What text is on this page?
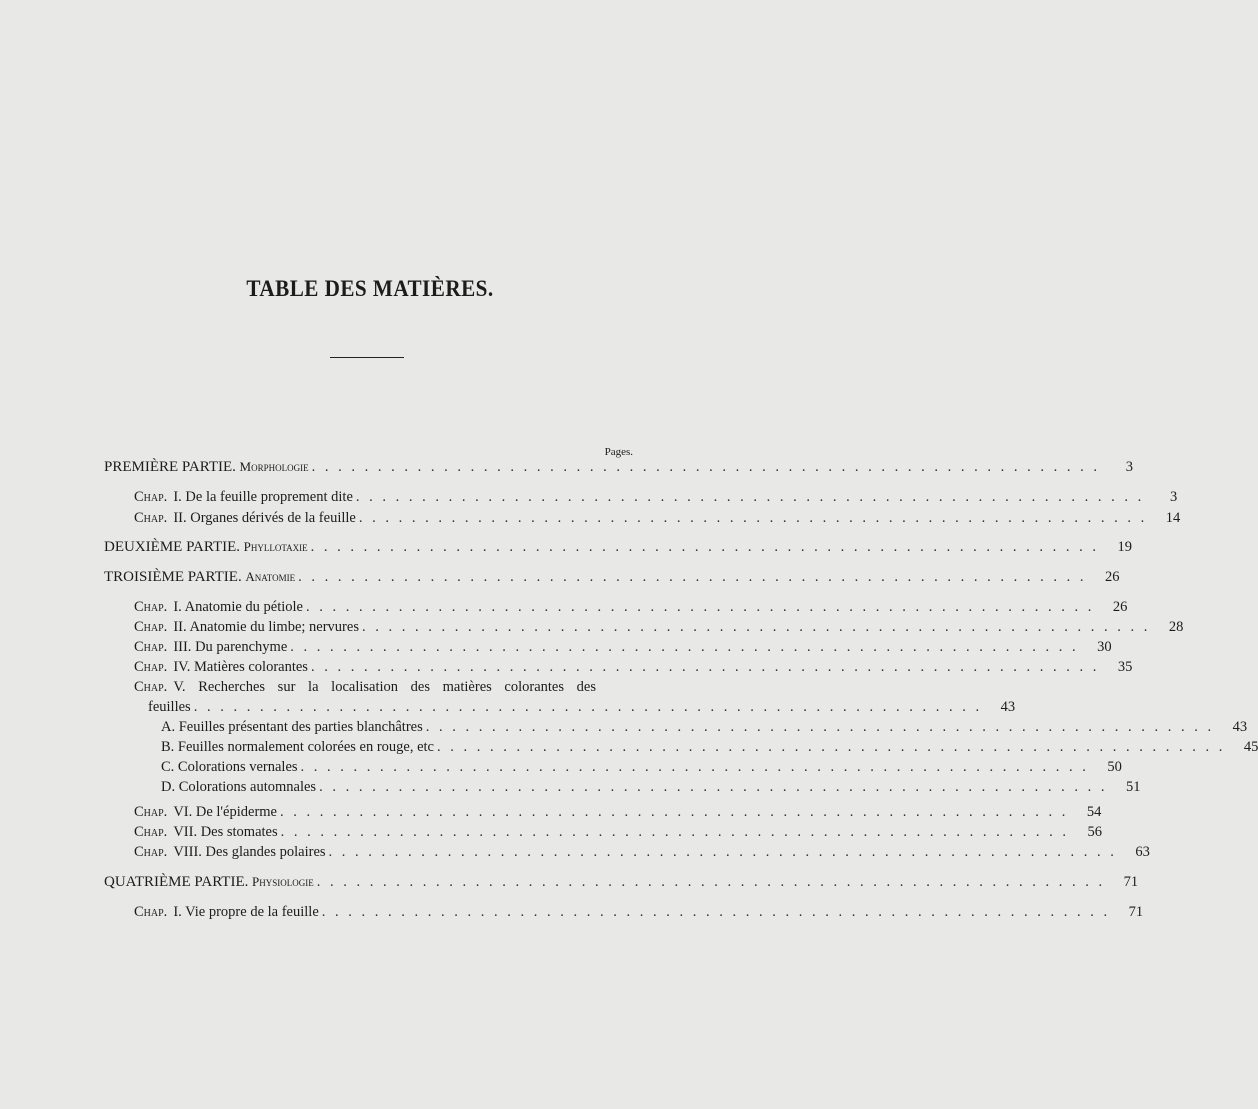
TABLE DES MATIÈRES.
Pages.
PREMIÈRE PARTIE. Morphologie . . . . . . . . . . . . . . . . . . . . . . . . . . . . . . . . . . . . . . . . . . . . . . . . . . . . . . . . . . . .	3
Chap. I. De la feuille proprement dite . . . . . . . . . . . . . . . . . . . . . . . . . . . . . . . . . . . . . . . . . . . . . . . . . . . . . . . . . . . .	3
Chap. II. Organes dérivés de la feuille . . . . . . . . . . . . . . . . . . . . . . . . . . . . . . . . . . . . . . . . . . . . . . . . . . . . . . . . . . . .	14
DEUXIÈME PARTIE. Phyllotaxie . . . . . . . . . . . . . . . . . . . . . . . . . . . . . . . . . . . . . . . . . . . . . . . . . . . . . . . . . . . .	19
TROISIÈME PARTIE. Anatomie . . . . . . . . . . . . . . . . . . . . . . . . . . . . . . . . . . . . . . . . . . . . . . . . . . . . . . . . . . . .	26
Chap. I. Anatomie du pétiole . . . . . . . . . . . . . . . . . . . . . . . . . . . . . . . . . . . . . . . . . . . . . . . . . . . . . . . . . . . .	26
Chap. II. Anatomie du limbe; nervures . . . . . . . . . . . . . . . . . . . . . . . . . . . . . . . . . . . . . . . . . . . . . . . . . . . . . . . . . . . .	28
Chap. III. Du parenchyme . . . . . . . . . . . . . . . . . . . . . . . . . . . . . . . . . . . . . . . . . . . . . . . . . . . . . . . . . . . .	30
Chap. IV. Matières colorantes . . . . . . . . . . . . . . . . . . . . . . . . . . . . . . . . . . . . . . . . . . . . . . . . . . . . . . . . . . . .	35
Chap. V. Recherches sur la localisation des matières colorantes des
feuilles . . . . . . . . . . . . . . . . . . . . . . . . . . . . . . . . . . . . . . . . . . . . . . . . . . . . . . . . . . . .	43
A. Feuilles présentant des parties blanchâtres . . . . . . . . . . . . . . . . . . . . . . . . . . . . . . . . . . . . . . . . . . . . . . . . . . . . . . . . . . . .	43
B. Feuilles normalement colorées en rouge, etc . . . . . . . . . . . . . . . . . . . . . . . . . . . . . . . . . . . . . . . . . . . . . . . . . . . . . . . . . . . .	45
C. Colorations vernales . . . . . . . . . . . . . . . . . . . . . . . . . . . . . . . . . . . . . . . . . . . . . . . . . . . . . . . . . . . .	50
D. Colorations automnales . . . . . . . . . . . . . . . . . . . . . . . . . . . . . . . . . . . . . . . . . . . . . . . . . . . . . . . . . . . .	51
Chap. VI. De l'épiderme . . . . . . . . . . . . . . . . . . . . . . . . . . . . . . . . . . . . . . . . . . . . . . . . . . . . . . . . . . . .	54
Chap. VII. Des stomates . . . . . . . . . . . . . . . . . . . . . . . . . . . . . . . . . . . . . . . . . . . . . . . . . . . . . . . . . . . .	56
Chap. VIII. Des glandes polaires . . . . . . . . . . . . . . . . . . . . . . . . . . . . . . . . . . . . . . . . . . . . . . . . . . . . . . . . . . . .	63
QUATRIÈME PARTIE. Physiologie . . . . . . . . . . . . . . . . . . . . . . . . . . . . . . . . . . . . . . . . . . . . . . . . . . . . . . . . . . . .	71
Chap. I. Vie propre de la feuille . . . . . . . . . . . . . . . . . . . . . . . . . . . . . . . . . . . . . . . . . . . . . . . . . . . . . . . . . . . .	71
